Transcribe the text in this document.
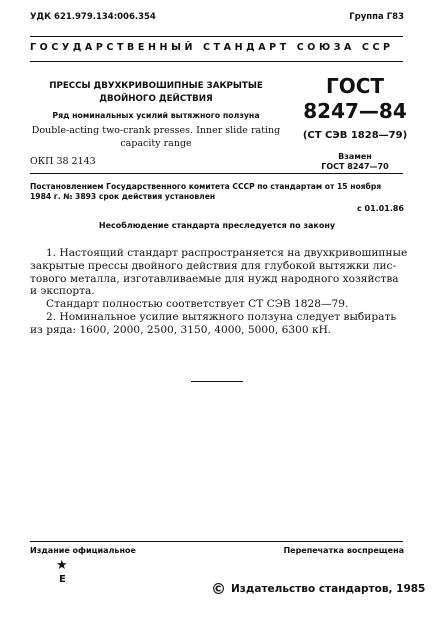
УДК 621.979.134:006.354	Группа Г83
ГОСУДАРСТВЕННЫЙ СТАНДАРТ СОЮЗА ССР
ПРЕССЫ ДВУХКРИВОШИПНЫЕ ЗАКРЫТЫЕ
ДВОЙНОГО ДЕЙСТВИЯ
Ряд номинальных усилий вытяжного ползуна
Double-acting two-crank presses. Inner slide rating
capacity range
ГОСТ
8247—84
(СТ СЭВ 1828—79)
Взамен
ГОСТ 8247—70
ОКП 38 2143
Постановлением Государственного комитета СССР по стандартам от 15 ноября
1984 г. № 3893 срок действия установлен
с 01.01.86
Несоблюдение стандарта преследуется по закону
1. Настоящий стандарт распространяется на двухкривошипные
закрытые прессы двойного действия для глубокой вытяжки лис-
тового металла, изготавливаемые для нужд народного хозяйства
и экспорта.
Стандарт полностью соответствует СТ СЭВ 1828—79.
2. Номинальное усилие вытяжного ползуна следует выбирать
из ряда: 1600, 2000, 2500, 3150, 4000, 5000, 6300 кН.
Издание официальное	Перепечатка воспрещена
★
Е
© Издательство стандартов, 1985
